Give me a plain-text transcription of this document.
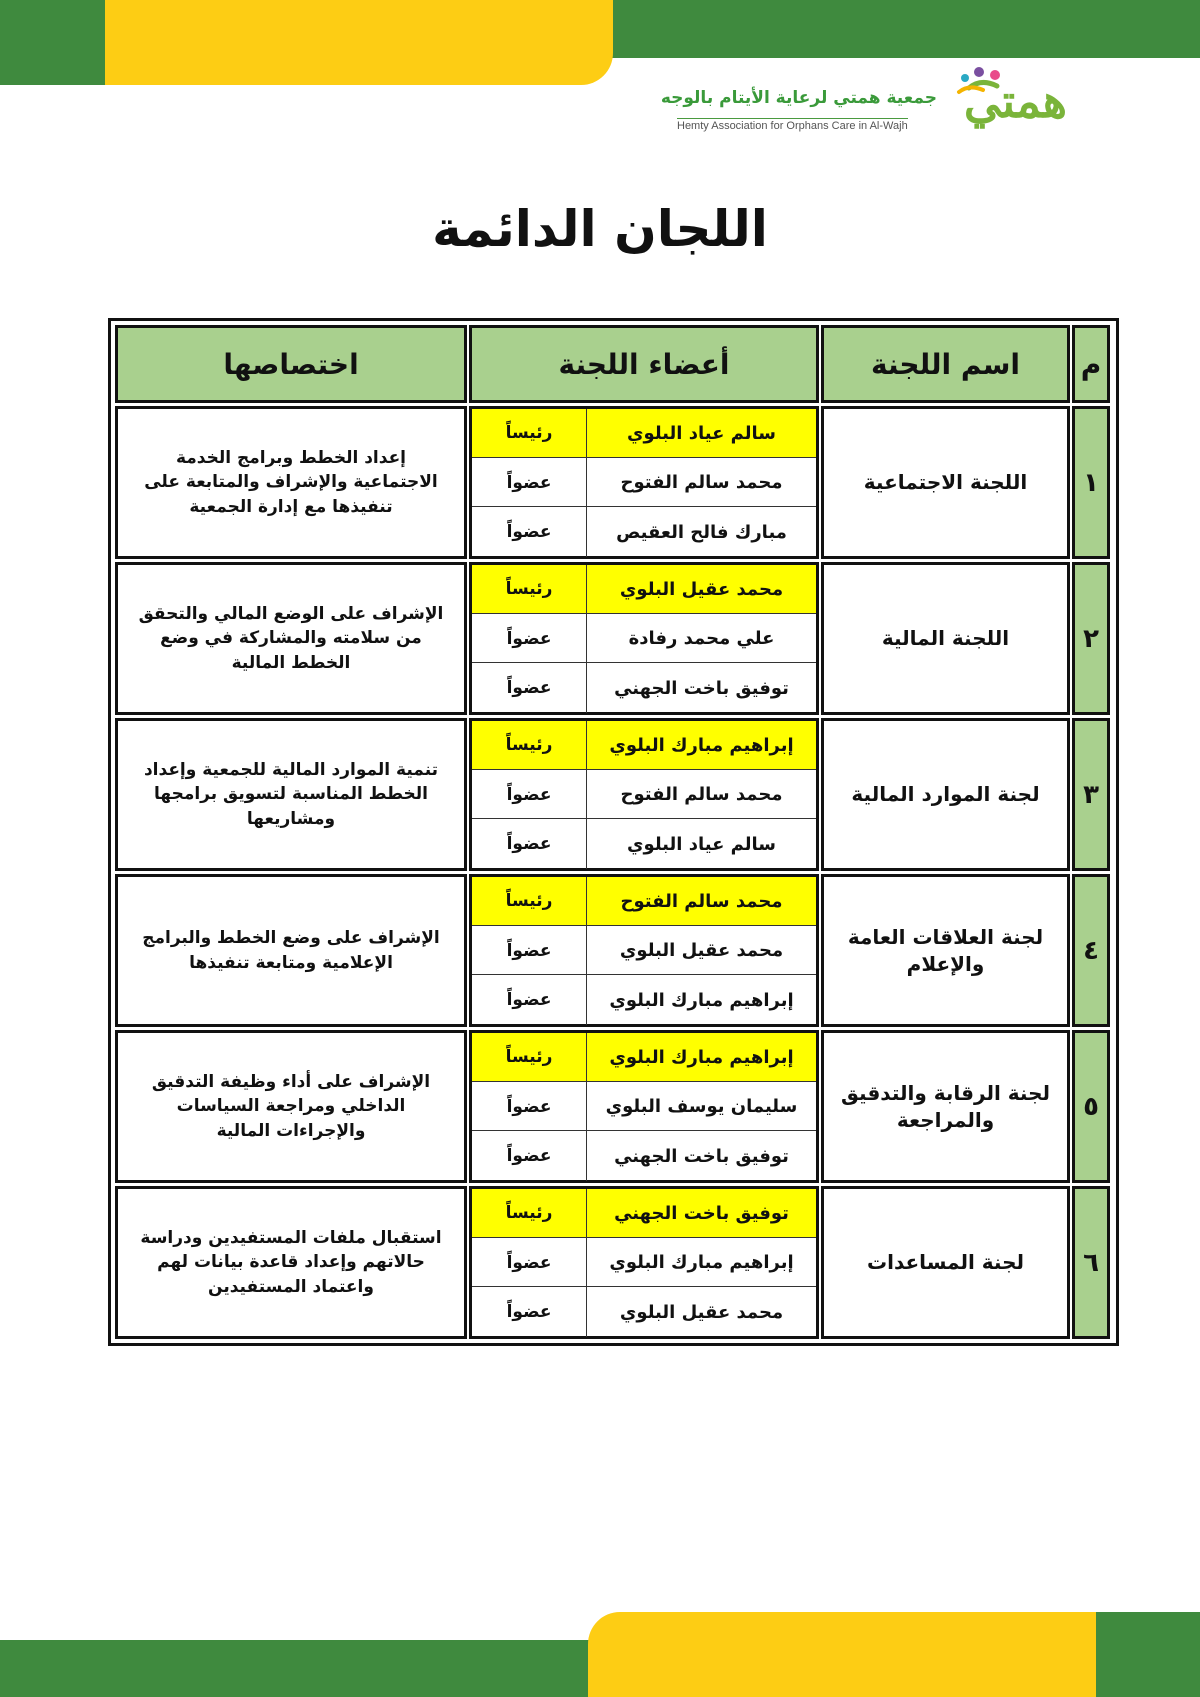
همتي
جمعية همتي لرعاية الأيتام بالوجه
Hemty Association for Orphans Care in Al-Wajh
اللجان الدائمة
م
اسم اللجنة
أعضاء اللجنة
اختصاصها
١
اللجنة الاجتماعية
سالم عياد البلوي
رئيساً
محمد سالم الفتوح
عضواً
مبارك فالح العقيص
عضواً
إعداد الخطط وبرامج الخدمة الاجتماعية والإشراف والمتابعة على تنفيذها مع إدارة الجمعية
٢
اللجنة المالية
محمد عقيل البلوي
رئيساً
علي محمد رفادة
عضواً
توفيق باخت الجهني
عضواً
الإشراف على الوضع المالي والتحقق من سلامته والمشاركة في وضع الخطط المالية
٣
لجنة الموارد المالية
إبراهيم مبارك البلوي
رئيساً
محمد سالم الفتوح
عضواً
سالم عياد البلوي
عضواً
تنمية الموارد المالية للجمعية وإعداد الخطط المناسبة لتسويق برامجها ومشاريعها
٤
لجنة العلاقات العامة والإعلام
محمد سالم الفتوح
رئيساً
محمد عقيل البلوي
عضواً
إبراهيم مبارك البلوي
عضواً
الإشراف على وضع الخطط والبرامج الإعلامية ومتابعة تنفيذها
٥
لجنة الرقابة والتدقيق والمراجعة
إبراهيم مبارك البلوي
رئيساً
سليمان يوسف البلوي
عضواً
توفيق باخت الجهني
عضواً
الإشراف على أداء وظيفة التدقيق الداخلي ومراجعة السياسات والإجراءات المالية
٦
لجنة المساعدات
توفيق باخت الجهني
رئيساً
إبراهيم مبارك البلوي
عضواً
محمد عقيل البلوي
عضواً
استقبال ملفات المستفيدين ودراسة حالاتهم وإعداد قاعدة بيانات لهم واعتماد المستفيدين
